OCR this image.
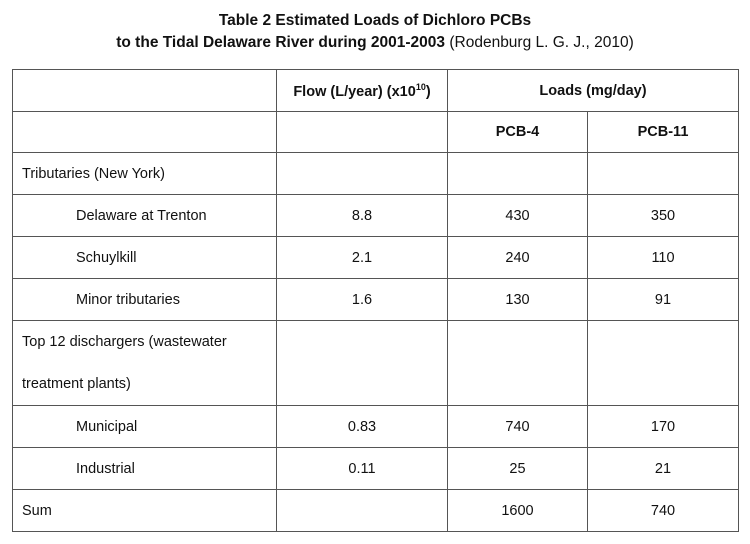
Table 2 Estimated Loads of Dichloro PCBs
to the Tidal Delaware River during 2001-2003 (Rodenburg L. G. J., 2010)
	Flow (L/year) $(x10^{10})$	Loads (mg/day)	
		PCB-4	PCB-11
Tributaries (New York)			
Delaware at Trenton	8.8	430	350
Schuylkill	2.1	240	110
Minor tributaries	1.6	130	91

Top 12 dischargers (wastewater
treatment plants)			

Municipal	0.83	740	170
Industrial	0.11	25	21
Sum		1600	740
